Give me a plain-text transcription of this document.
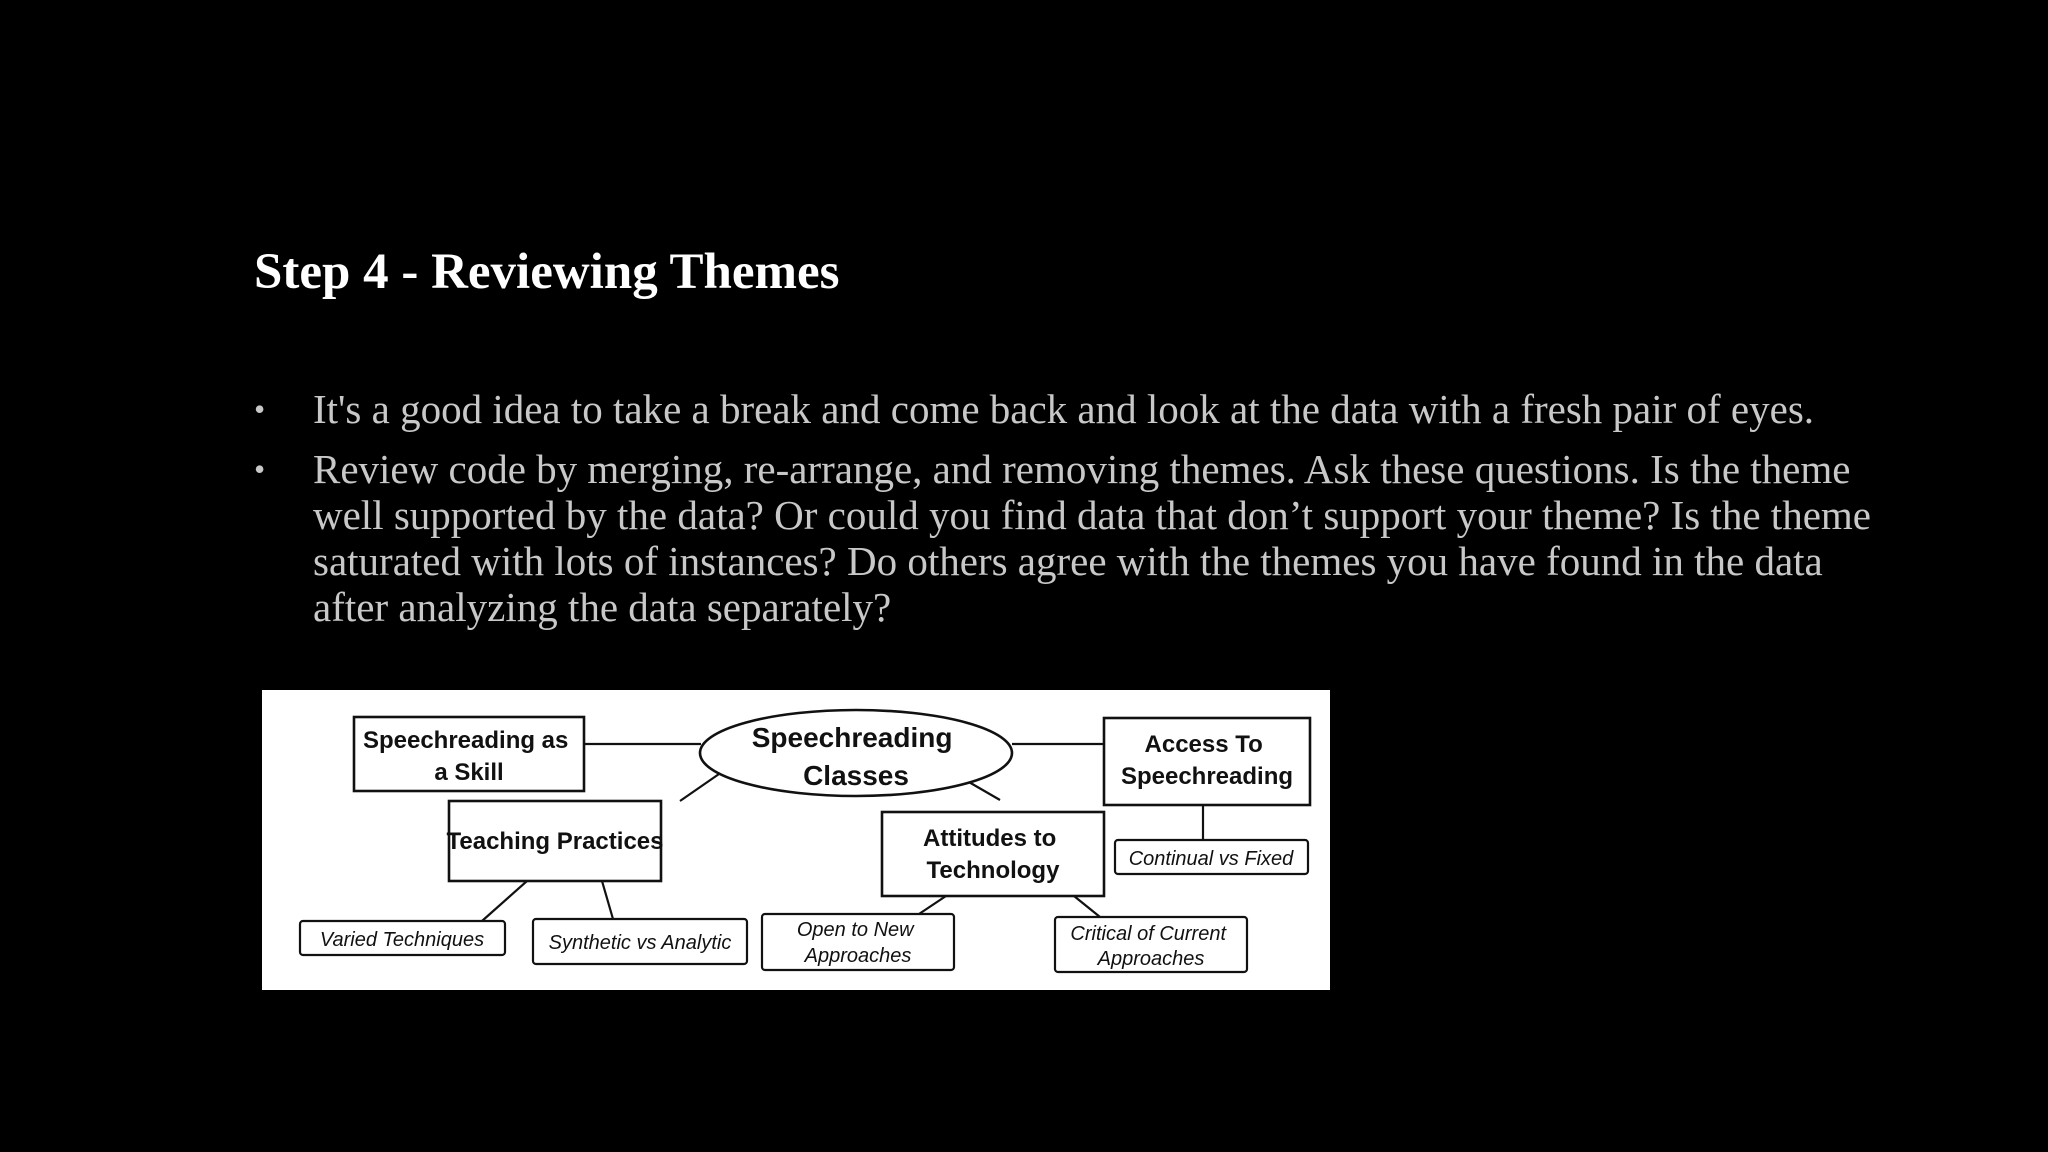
Step 4 - Reviewing Themes
• It's a good idea to take a break and come back and look at the data with a fresh pair of eyes.
• Review code by merging, re-arrange, and removing themes. Ask these questions. Is the theme well supported by the data? Or could you find data that don’t support your theme? Is the theme saturated with lots of instances? Do others agree with the themes you have found in the data after analyzing the data separately?
Speechreading Classes
Speechreading as a Skill
Access To Speechreading
Teaching Practices	Attitudes to Technology
Varied Techniques	Synthetic vs Analytic
Open to New Approaches
Critical of Current Approaches
Continual vs Fixed
